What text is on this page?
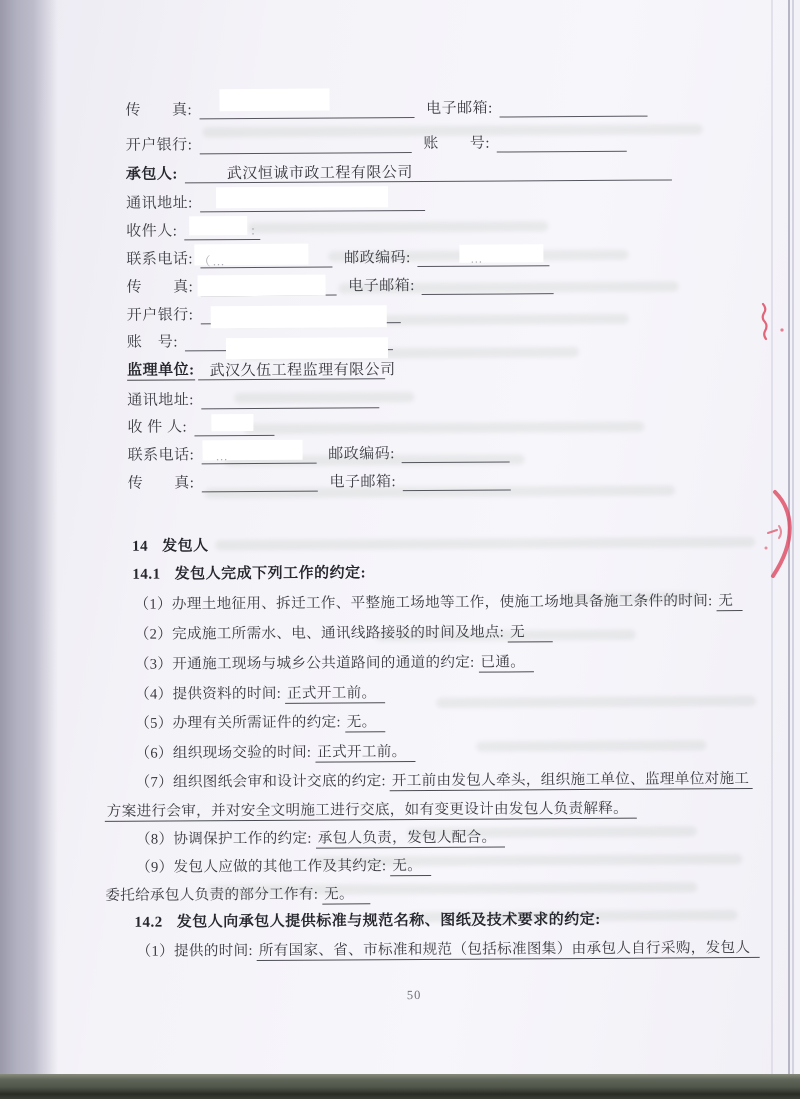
传　　真:	电子邮箱:
开户银行:	账　　号:
承包人:	武汉恒诚市政工程有限公司
通讯地址:
收件人:
联系电话:	邮政编码:
传　　真:	电子邮箱:
开户银行:
账　号:
监理单位: 武汉久伍工程监理有限公司
通讯地址:
收 件 人:
联系电话:	邮政编码:
传　　真:	电子邮箱:
：
（…	…
…
14 发包人
14.1 发包人完成下列工作的约定:
（1）办理土地征用、拆迁工作、平整施工场地等工作，使施工场地具备施工条件的时间: 无
（2）完成施工所需水、电、通讯线路接驳的时间及地点: 无
（3）开通施工现场与城乡公共道路间的通道的约定: 已通。
（4）提供资料的时间: 正式开工前。
（5）办理有关所需证件的约定: 无。
（6）组织现场交验的时间: 正式开工前。
（7）组织图纸会审和设计交底的约定: 开工前由发包人牵头，组织施工单位、监理单位对施工
方案进行会审，并对安全文明施工进行交底，如有变更设计由发包人负责解释。
（8）协调保护工作的约定: 承包人负责，发包人配合。
（9）发包人应做的其他工作及其约定: 无。
委托给承包人负责的部分工作有: 无。
14.2 发包人向承包人提供标准与规范名称、图纸及技术要求的约定:
（1）提供的时间: 所有国家、省、市标准和规范（包括标准图集）由承包人自行采购，发包人
50
